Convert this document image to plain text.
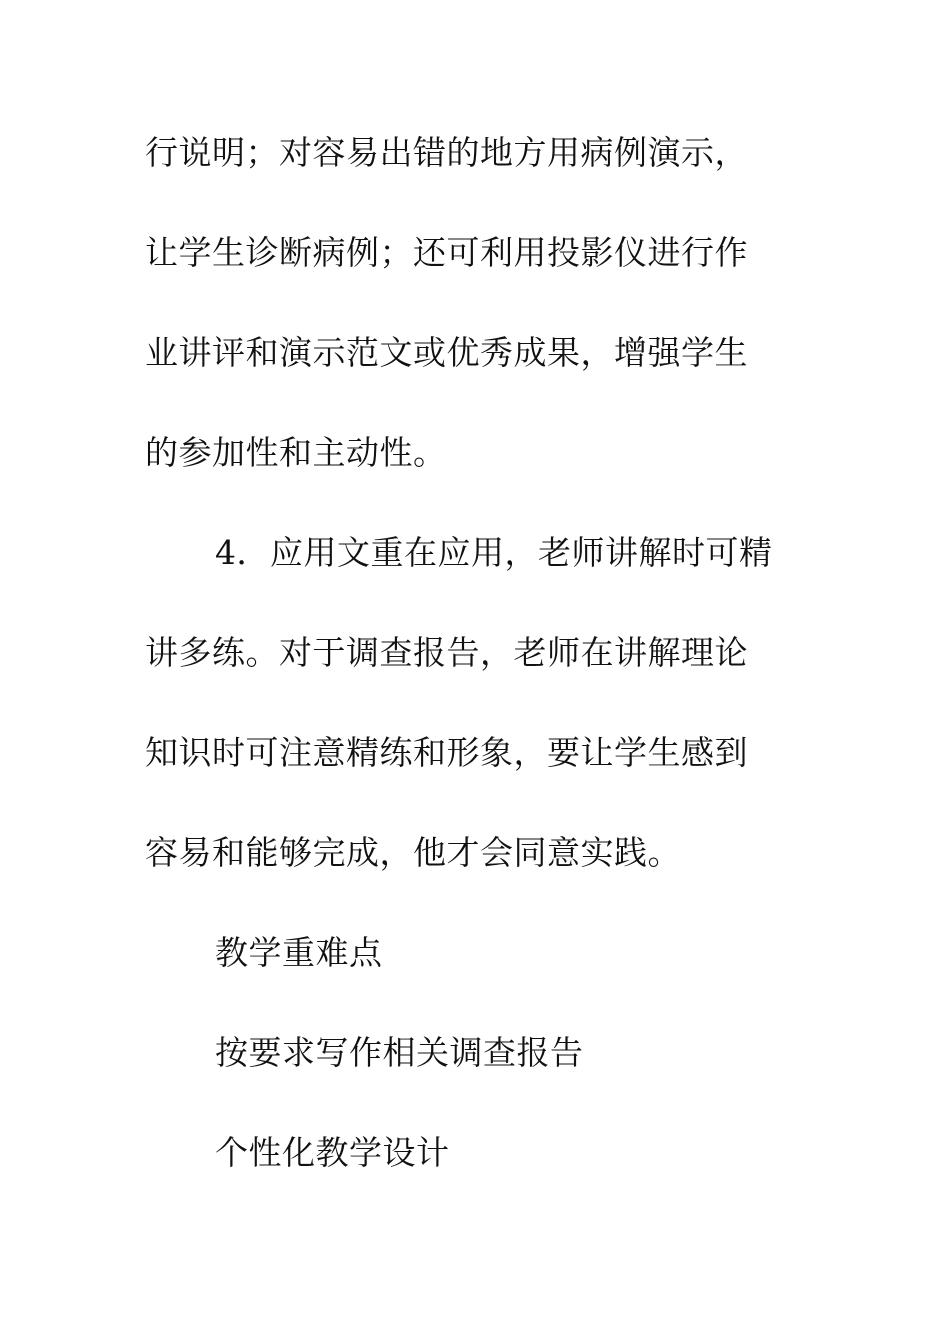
行说明；对容易出错的地方用病例演示，
让学生诊断病例；还可利用投影仪进行作
业讲评和演示范文或优秀成果，增强学生
的参加性和主动性。
4．应用文重在应用，老师讲解时可精
讲多练。对于调查报告，老师在讲解理论
知识时可注意精练和形象，要让学生感到
容易和能够完成，他才会同意实践。
教学重难点
按要求写作相关调查报告
个性化教学设计
